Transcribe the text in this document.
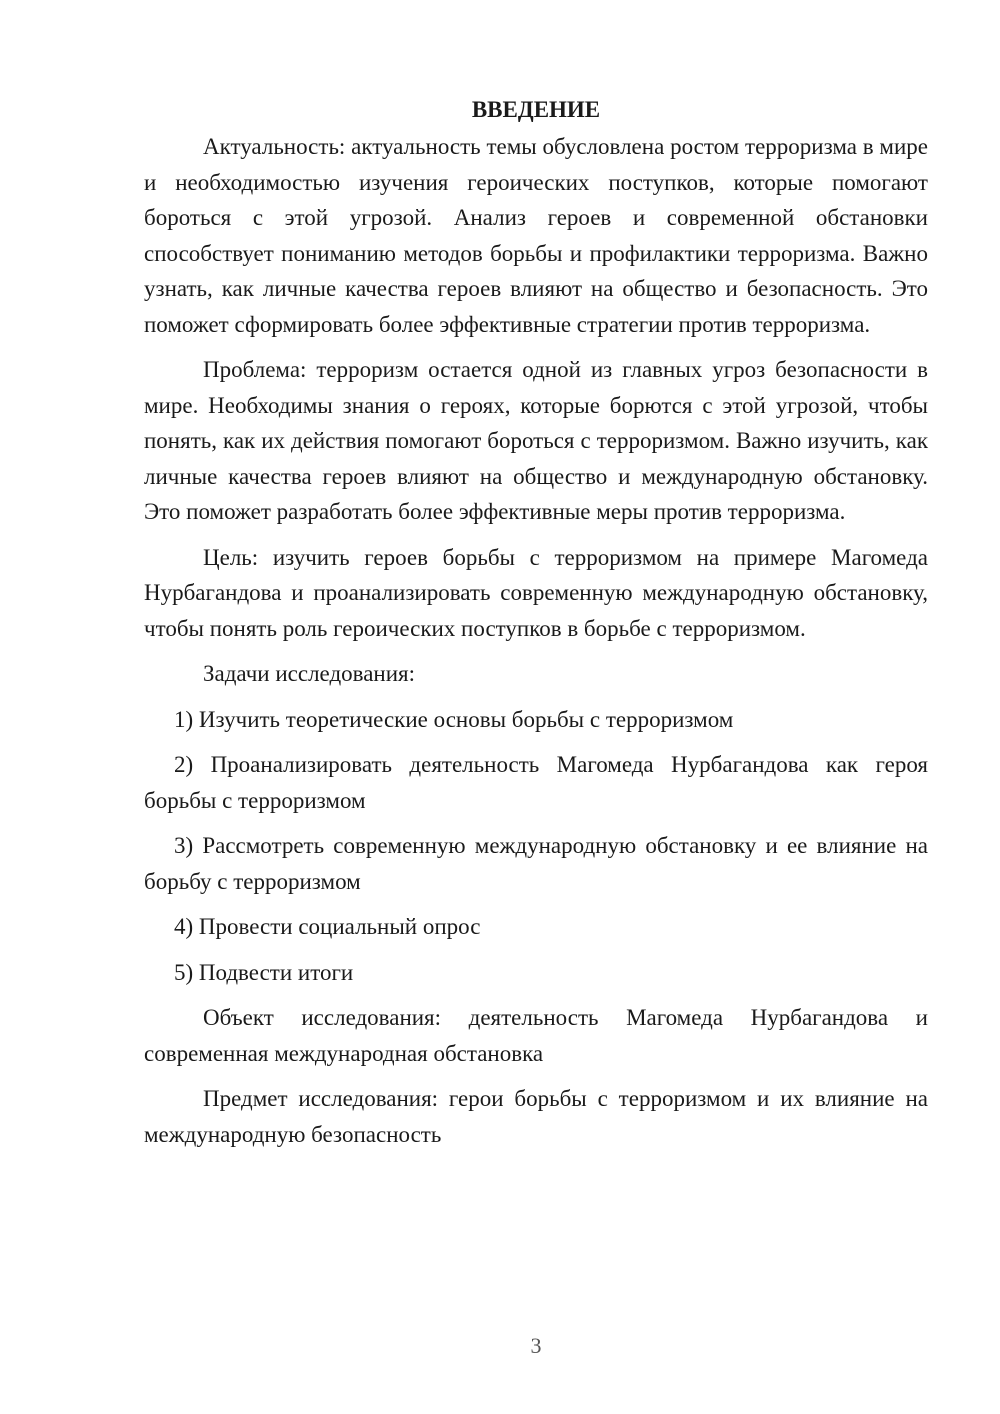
ВВЕДЕНИЕ

Актуальность: актуальность темы обусловлена ростом терроризма в мире и необходимостью изучения героических поступков, которые помогают бороться с этой угрозой. Анализ героев и современной обстановки способствует пониманию методов борьбы и профилактики терроризма. Важно узнать, как личные качества героев влияют на общество и безопасность. Это поможет сформировать более эффективные стратегии против терроризма.

Проблема: терроризм остается одной из главных угроз безопасности в мире. Необходимы знания о героях, которые борются с этой угрозой, чтобы понять, как их действия помогают бороться с терроризмом. Важно изучить, как личные качества героев влияют на общество и международную обстановку. Это поможет разработать более эффективные меры против терроризма.

Цель: изучить героев борьбы с терроризмом на примере Магомеда Нурбагандова и проанализировать современную международную обстановку, чтобы понять роль героических поступков в борьбе с терроризмом.

Задачи исследования:

1) Изучить теоретические основы борьбы с терроризмом

2) Проанализировать деятельность Магомеда Нурбагандова как героя борьбы с терроризмом

3) Рассмотреть современную международную обстановку и ее влияние на борьбу с терроризмом

4) Провести социальный опрос

5) Подвести итоги

Объект исследования: деятельность Магомеда Нурбагандова и современная международная обстановка

Предмет исследования: герои борьбы с терроризмом и их влияние на международную безопасность

3
